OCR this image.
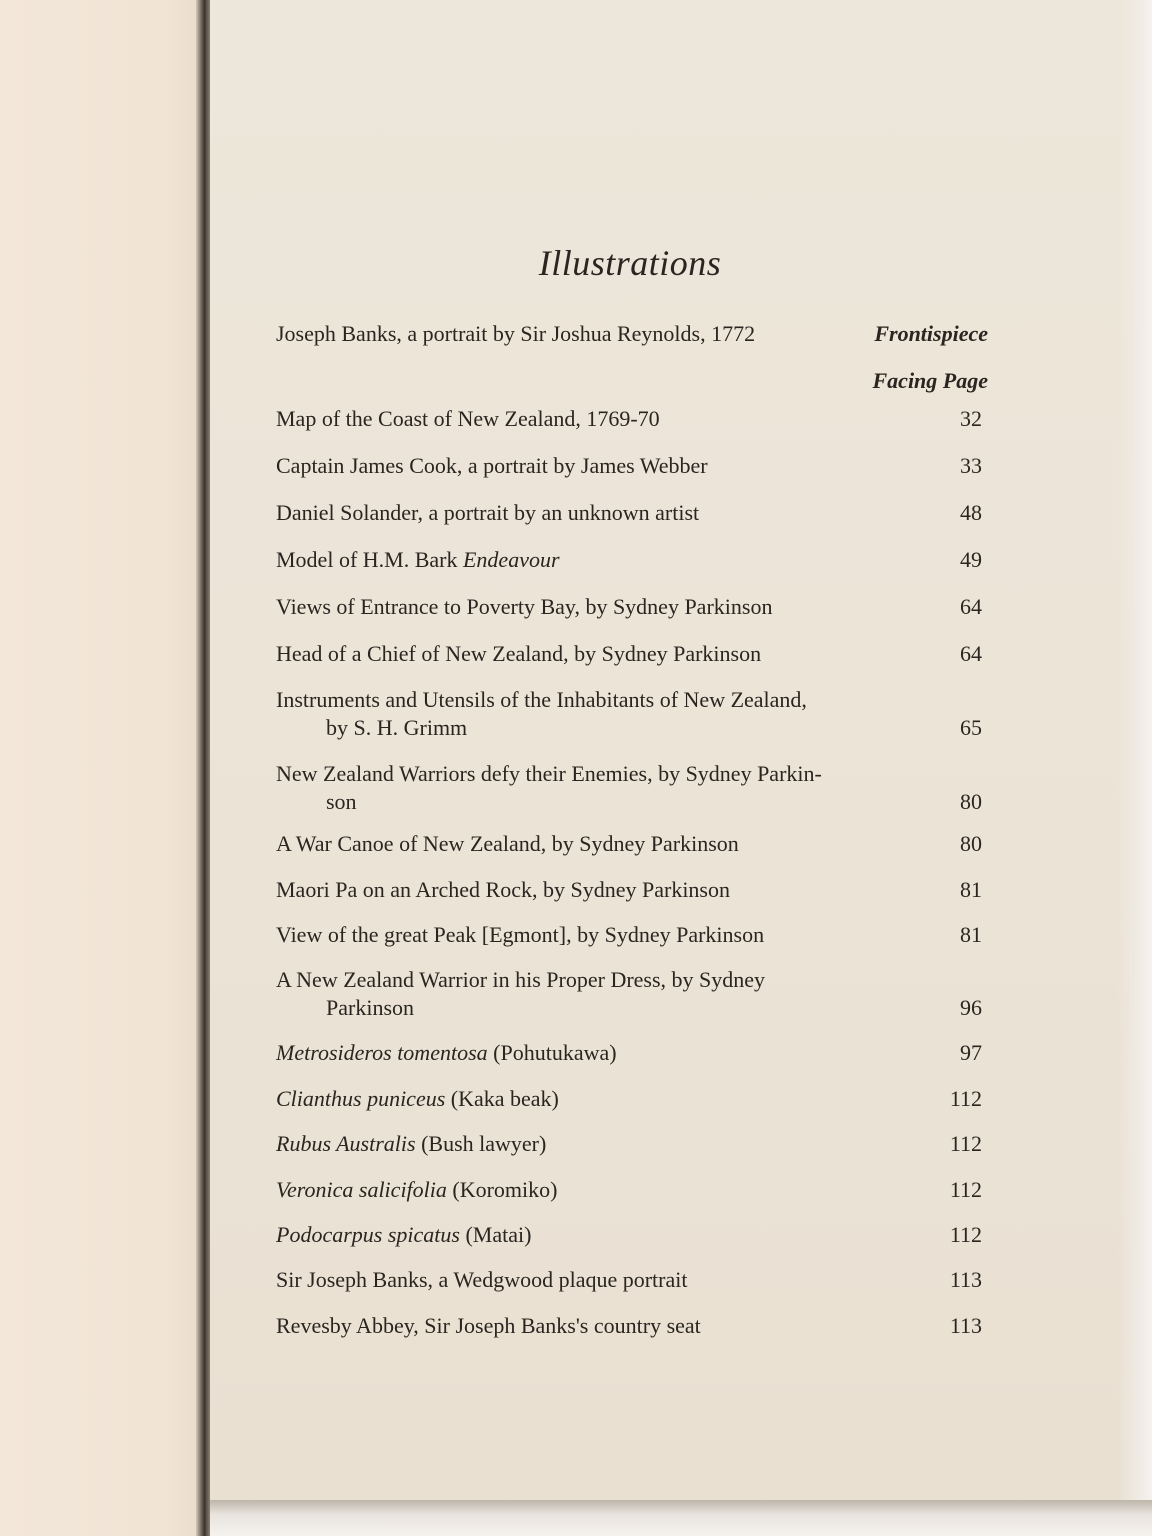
Illustrations
Joseph Banks, a portrait by Sir Joshua Reynolds, 1772	Frontispiece
Facing Page
Map of the Coast of New Zealand, 1769-70	32
Captain James Cook, a portrait by James Webber	33
Daniel Solander, a portrait by an unknown artist	48
Model of H.M. Bark Endeavour	49
Views of Entrance to Poverty Bay, by Sydney Parkinson	64
Head of a Chief of New Zealand, by Sydney Parkinson	64
Instruments and Utensils of the Inhabitants of New Zealand,
by S. H. Grimm	65
New Zealand Warriors defy their Enemies, by Sydney Parkin-
son	80
A War Canoe of New Zealand, by Sydney Parkinson	80
Maori Pa on an Arched Rock, by Sydney Parkinson	81
View of the great Peak [Egmont], by Sydney Parkinson	81
A New Zealand Warrior in his Proper Dress, by Sydney
Parkinson	96
Metrosideros tomentosa (Pohutukawa)	97
Clianthus puniceus (Kaka beak)	112
Rubus Australis (Bush lawyer)	112
Veronica salicifolia (Koromiko)	112
Podocarpus spicatus (Matai)	112
Sir Joseph Banks, a Wedgwood plaque portrait	113
Revesby Abbey, Sir Joseph Banks's country seat	113
